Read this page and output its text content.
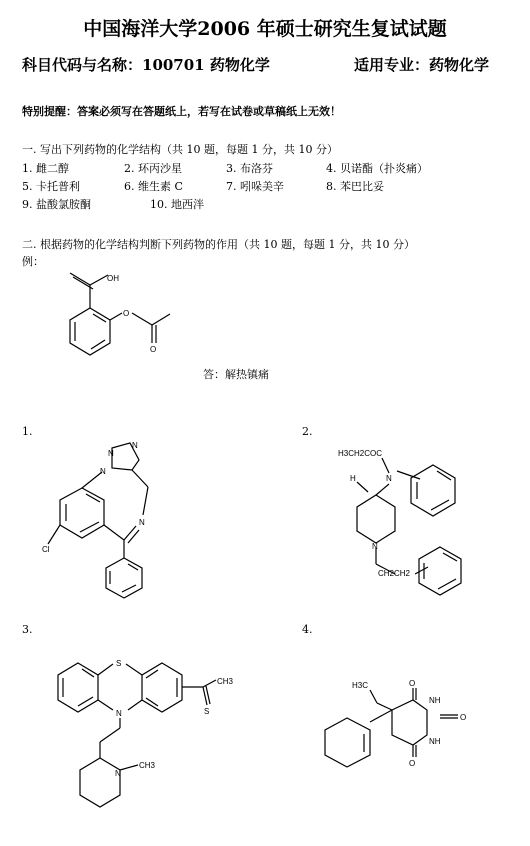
中国海洋大学2006 年硕士研究生复试试题
科目代码与名称：100701 药物化学	适用专业：药物化学
特别提醒：答案必须写在答题纸上，若写在试卷或草稿纸上无效！
一. 写出下列药物的化学结构（共 10 题，每题 1 分，共 10 分）
1. 雌二醇	2. 环丙沙星	3. 布洛芬	4. 贝诺酯（扑炎痛）
5. 卡托普利	6. 维生素 C	7. 吲哚美辛	8. 苯巴比妥
9. 盐酸氯胺酮	10. 地西泮
二. 根据药物的化学结构判断下列药物的作用（共 10 题，每题 1 分，共 10 分）
例：
答：解热镇痛
1.	2.
3.	4.
OH
O
O
Cl
N
N
N
N
H3CH2COC
N
H
N
CH2CH2
S
N
CH3
S
N
CH3
H3C	O
O
O
NH
NH
